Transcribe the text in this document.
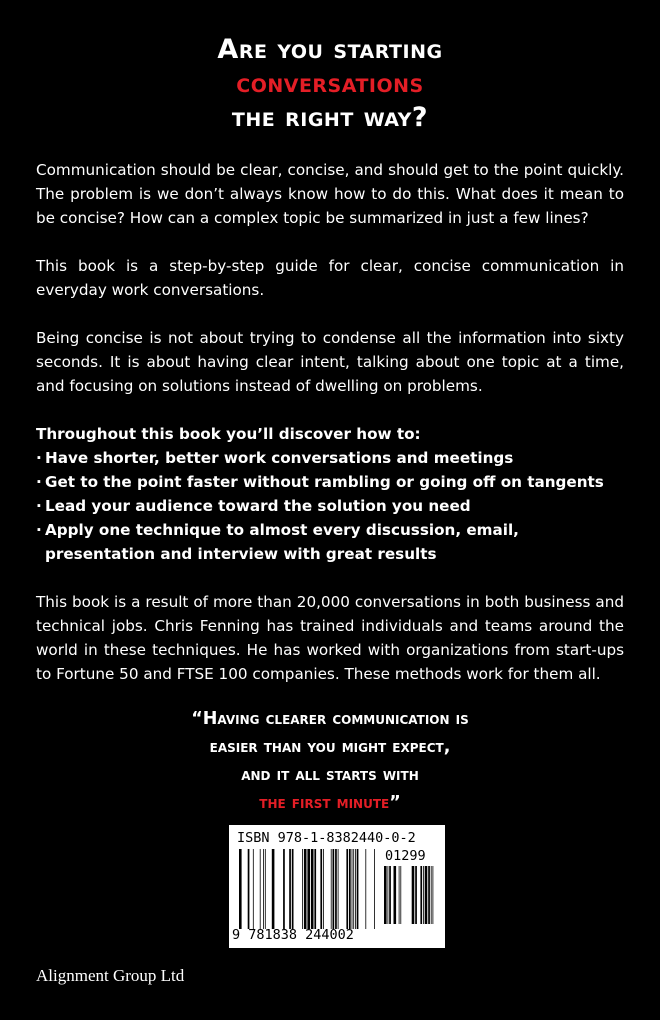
Are you starting
conversations
the right way?

Communication should be clear, concise, and should get to the point quickly. The problem is we don’t always know how to do this. What does it mean to be concise? How can a complex topic be summarized in just a few lines?

This book is a step-by-step guide for clear, concise communication in everyday work conversations.

Being concise is not about trying to condense all the information into sixty seconds. It is about having clear intent, talking about one topic at a time, and focusing on solutions instead of dwelling on problems.

Throughout this book you’ll discover how to:
· Have shorter, better work conversations and meetings
· Get to the point faster without rambling or going off on tangents
· Lead your audience toward the solution you need
· Apply one technique to almost every discussion, email, presentation and interview with great results

This book is a result of more than 20,000 conversations in both business and technical jobs. Chris Fenning has trained individuals and teams around the world in these techniques. He has worked with organizations from start-ups to Fortune 50 and FTSE 100 companies. These methods work for them all.

“Having clearer communication is
easier than you might expect,
and it all starts with
the first minute”
ISBN 978-1-8382440-0-2
01299
9 781838 244002
Alignment Group Ltd
